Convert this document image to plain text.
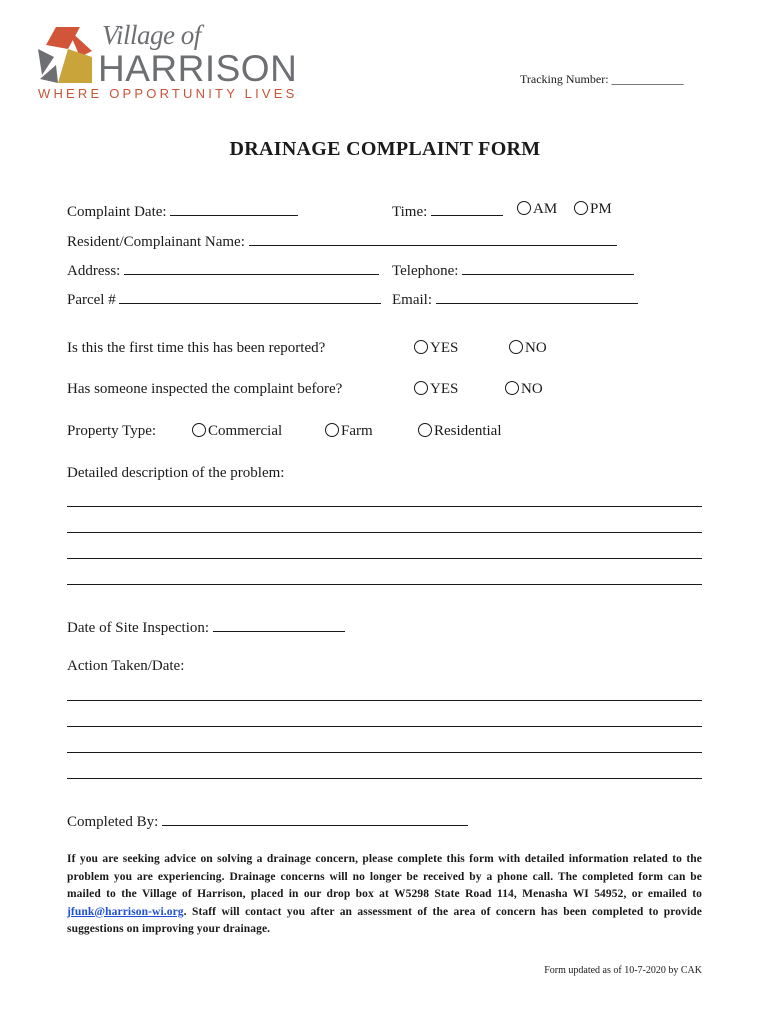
Village of
HARRISON
WHERE OPPORTUNITY LIVES
Tracking Number: ____________
DRAINAGE COMPLAINT FORM
Complaint Date:	Time:	AM	PM
Resident/Complainant Name:
Address:	Telephone:
Parcel #	Email:
Is this the first time this has been reported?	YES	NO
Has someone inspected the complaint before?	YES	NO
Property Type:	Commercial	Farm	Residential
Detailed description of the problem:
Date of Site Inspection:
Action Taken/Date:
Completed By:
If you are seeking advice on solving a drainage concern, please complete this form with detailed information related to the problem you are experiencing. Drainage concerns will no longer be received by a phone call. The completed form can be mailed to the Village of Harrison, placed in our drop box at W5298 State Road 114, Menasha WI 54952, or emailed to jfunk@harrison-wi.org. Staff will contact you after an assessment of the area of concern has been completed to provide suggestions on improving your drainage.
Form updated as of 10-7-2020 by CAK
